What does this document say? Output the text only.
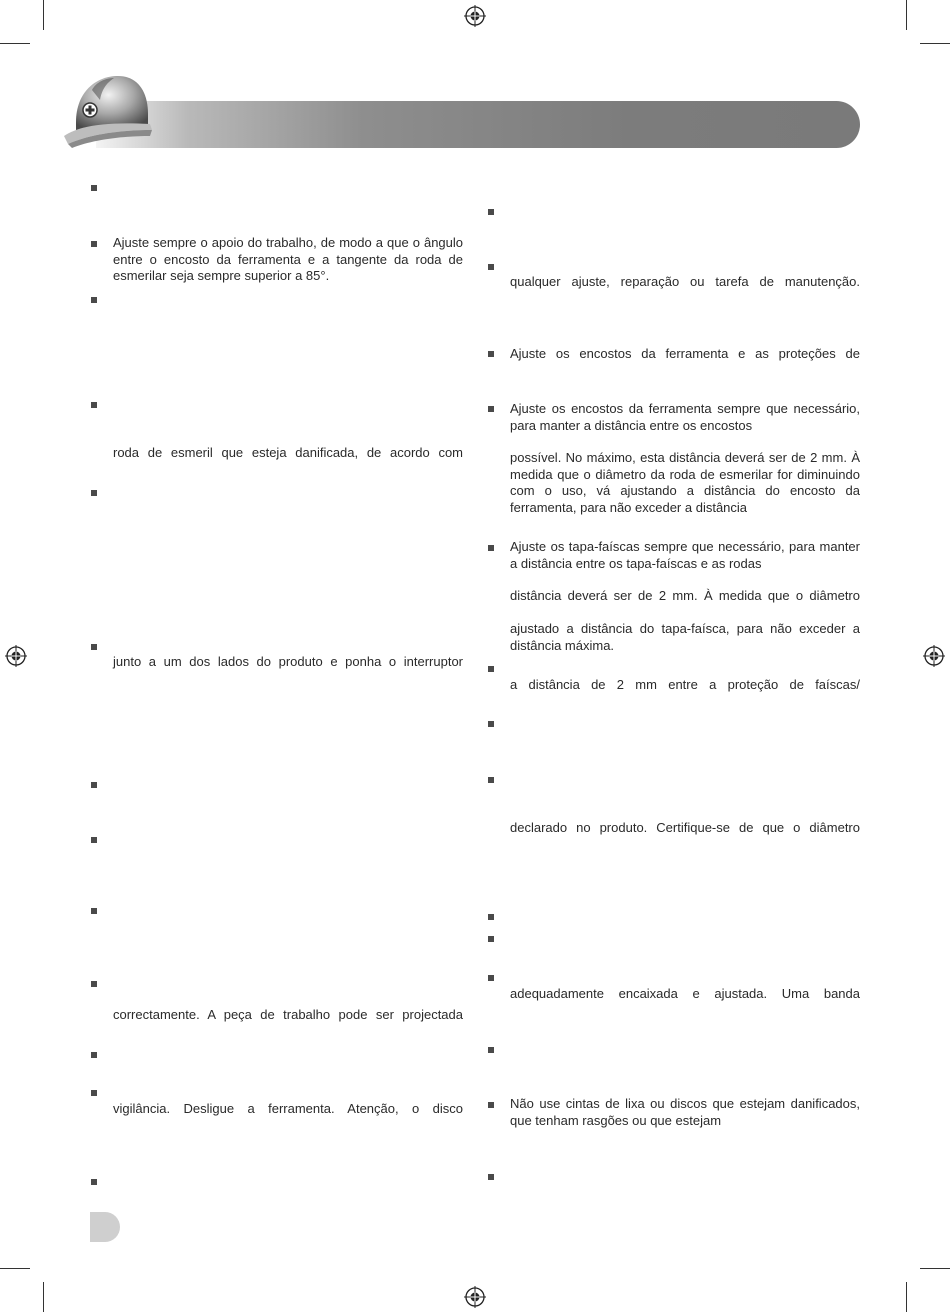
Ajuste sempre o apoio do trabalho, de modo a que o ângulo entre o encosto da ferramenta e a tangente da roda de esmerilar seja sempre superior a 85°.
roda de esmeril que esteja danificada, de acordo com
junto a um dos lados do produto e ponha o interruptor
correctamente. A peça de trabalho pode ser projectada
vigilância. Desligue a ferramenta. Atenção, o disco
qualquer ajuste, reparação ou tarefa de manutenção.
Ajuste os encostos da ferramenta e as proteções de
Ajuste os encostos da ferramenta sempre que necessário, para manter a distância entre os encostos
possível. No máximo, esta distância deverá ser de 2 mm. À medida que o diâmetro da roda de esmerilar for diminuindo com o uso, vá ajustando a distância do encosto da ferramenta, para não exceder a distância
Ajuste os tapa-faíscas sempre que necessário, para manter a distância entre os tapa-faíscas e as rodas
distância deverá ser de 2 mm. À medida que o diâmetro
ajustado a distância do tapa-faísca, para não exceder a distância máxima.
a distância de 2 mm entre a proteção de faíscas/
declarado no produto. Certifique-se de que o diâmetro
adequadamente encaixada e ajustada. Uma banda
Não use cintas de lixa ou discos que estejam danificados, que tenham rasgões ou que estejam
